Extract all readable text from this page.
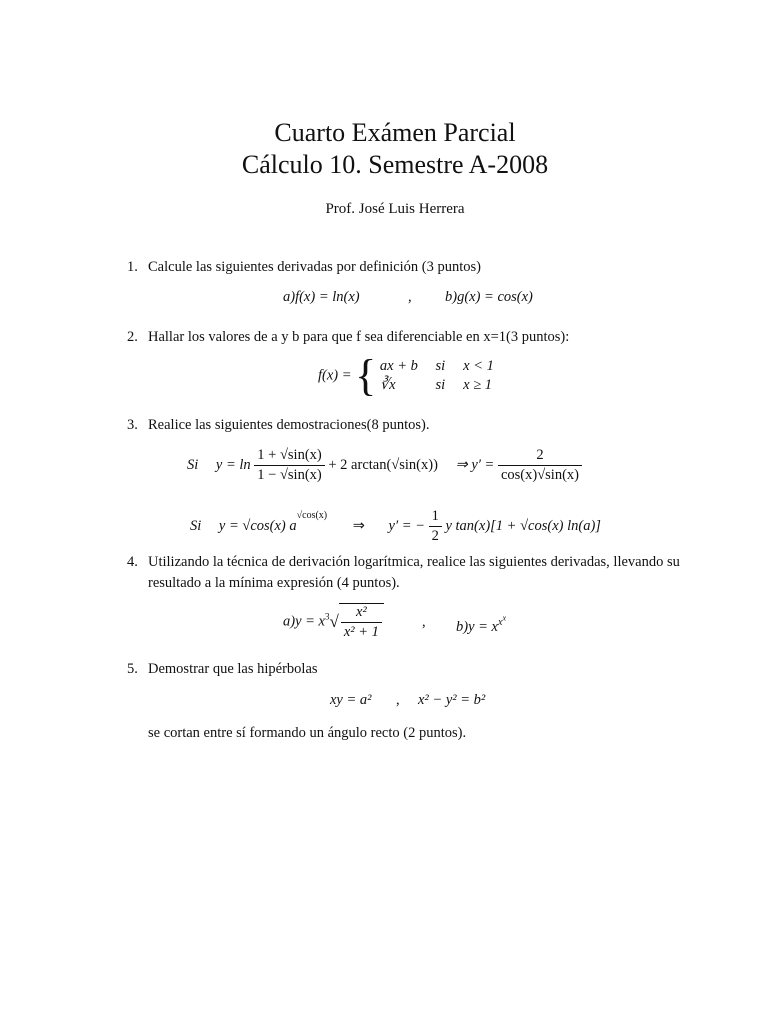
Cuarto Exámen Parcial
Cálculo 10. Semestre A-2008
Prof. José Luis Herrera
1. Calcule las siguientes derivadas por definición (3 puntos)
a)f(x) = ln(x)	, b)g(x) = cos(x)
2. Hallar los valores de a y b para que f sea diferenciable en x=1(3 puntos):
f(x) = { ax + b si x < 1
∛x	si x ≥ 1
3. Realice las siguientes demostraciones(8 puntos).
Si $y = \ln \frac{1 + √\sin(x)}{1 - √\sin(x)} + 2$ arctan(√sin(x)) ⇒ $y' = \frac{2}{\cos(x)√\sin(x)}$
Si y = √cos(x) $a^{√cos(x)}$ ⇒ y′ = − $\frac{1}{2}$ y tan(x)[1 + √cos(x) ln(a)]
4. Utilizando la técnica de derivación logarítmica, realice las siguientes derivadas, llevando su resultado a la mínima expresión (4 puntos).
$a)y = x^3√ \frac{\text{x²}}{\text{x² + 1}}$	, $b)y = x^{x^x}$
5. Demostrar que las hipérbolas
xy = a² , x² − y² = b²
se cortan entre sí formando un ángulo recto (2 puntos).
